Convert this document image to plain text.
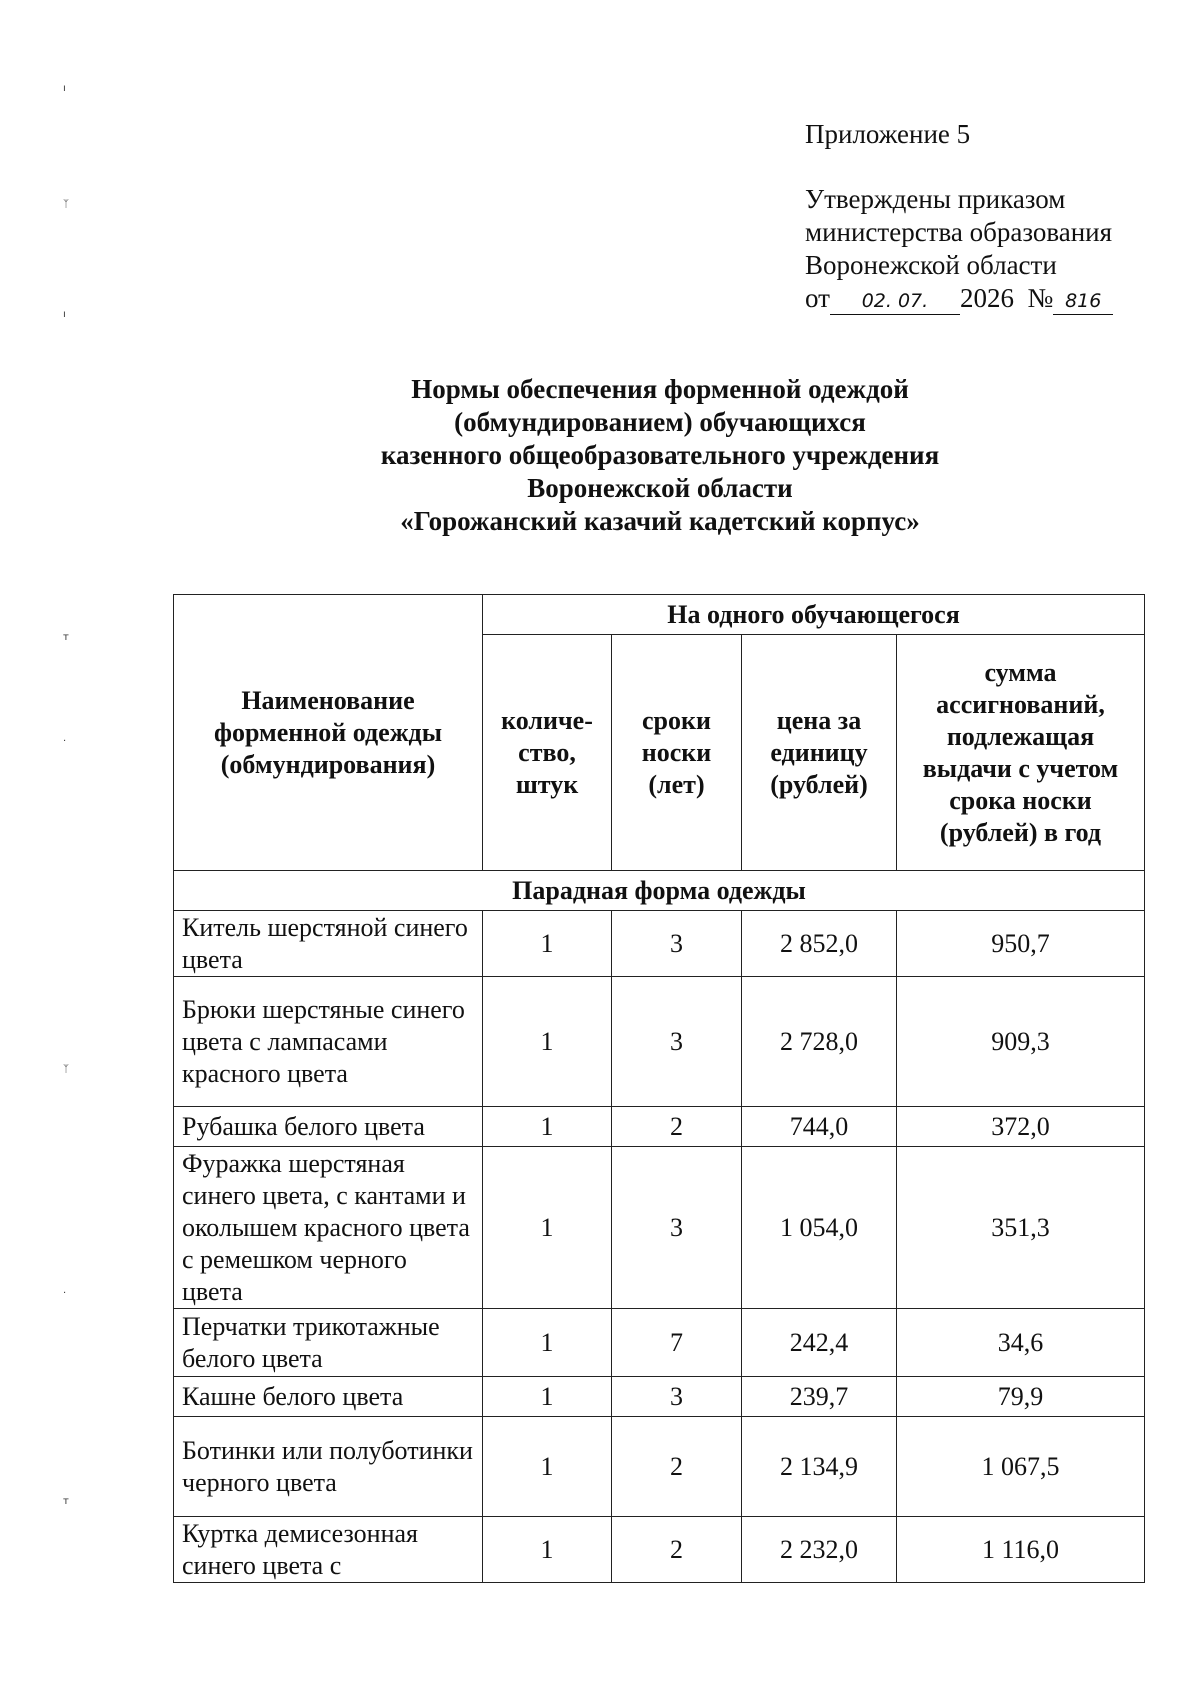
ı
ᛉ
ı
т
·
ᛉ
·
т
Приложение 5
Утверждены приказом
министерства образования
Воронежской области
от 02. 07. 2026 № 816
Нормы обеспечения форменной одеждой
(обмундированием) обучающихся
казенного общеобразовательного учреждения
Воронежской области
«Горожанский казачий кадетский корпус»
Наименование форменной одежды (обмундирования)	На одного обучающегося			
	количе-ство, штук	сроки носки (лет)	цена за единицу (рублей)	сумма ассигнований, подлежащая выдачи с учетом срока носки (рублей) в год
Парадная форма одежды				
Китель шерстяной синего цвета	1	3	2 852,0	950,7
Брюки шерстяные синего цвета с лампасами красного цвета	1	3	2 728,0	909,3
Рубашка белого цвета	1	2	744,0	372,0
Фуражка шерстяная синего цвета, с кантами и околышем красного цвета с ремешком черного цвета	1	3	1 054,0	351,3
Перчатки трикотажные белого цвета	1	7	242,4	34,6
Кашне белого цвета	1	3	239,7	79,9
Ботинки или полуботинки черного цвета	1	2	2 134,9	1 067,5
Куртка демисезонная синего цвета с	1	2	2 232,0	1 116,0
